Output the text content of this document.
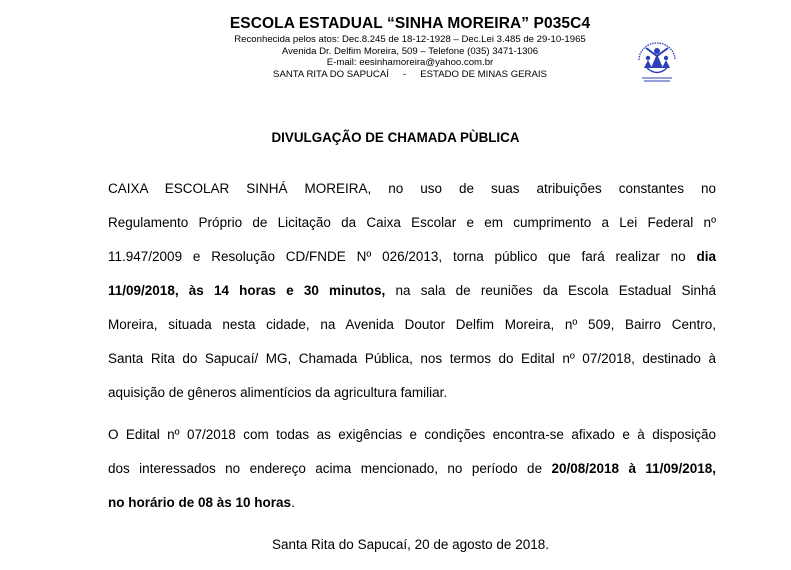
ESCOLA ESTADUAL “SINHA MOREIRA” P035C4
Reconhecida pelos atos: Dec.8.245 de 18-12-1928 – Dec.Lei 3.485 de 29-10-1965
Avenida Dr. Delfim Moreira, 509 – Telefone (035) 3471-1306
E-mail: eesinhamoreira@yahoo.com.br
SANTA RITA DO SAPUCAÍ - ESTADO DE MINAS GERAIS
DIVULGAÇÃO DE CHAMADA PÙBLICA
CAIXA ESCOLAR SINHÁ MOREIRA, no uso de suas atribuições constantes no
Regulamento Próprio de Licitação da Caixa Escolar e em cumprimento a Lei Federal nº
11.947/2009 e Resolução CD/FNDE Nº 026/2013, torna público que fará realizar no dia
11/09/2018, às 14 horas e 30 minutos, na sala de reuniões da Escola Estadual Sinhá
Moreira, situada nesta cidade, na Avenida Doutor Delfim Moreira, nº 509, Bairro Centro,
Santa Rita do Sapucaí/ MG, Chamada Pública, nos termos do Edital nº 07/2018, destinado à
aquisição de gêneros alimentícios da agricultura familiar.
O Edital nº 07/2018 com todas as exigências e condições encontra-se afixado e à disposição
dos interessados no endereço acima mencionado, no período de 20/08/2018 à 11/09/2018,
no horário de 08 às 10 horas.
Santa Rita do Sapucaí, 20 de agosto de 2018.
